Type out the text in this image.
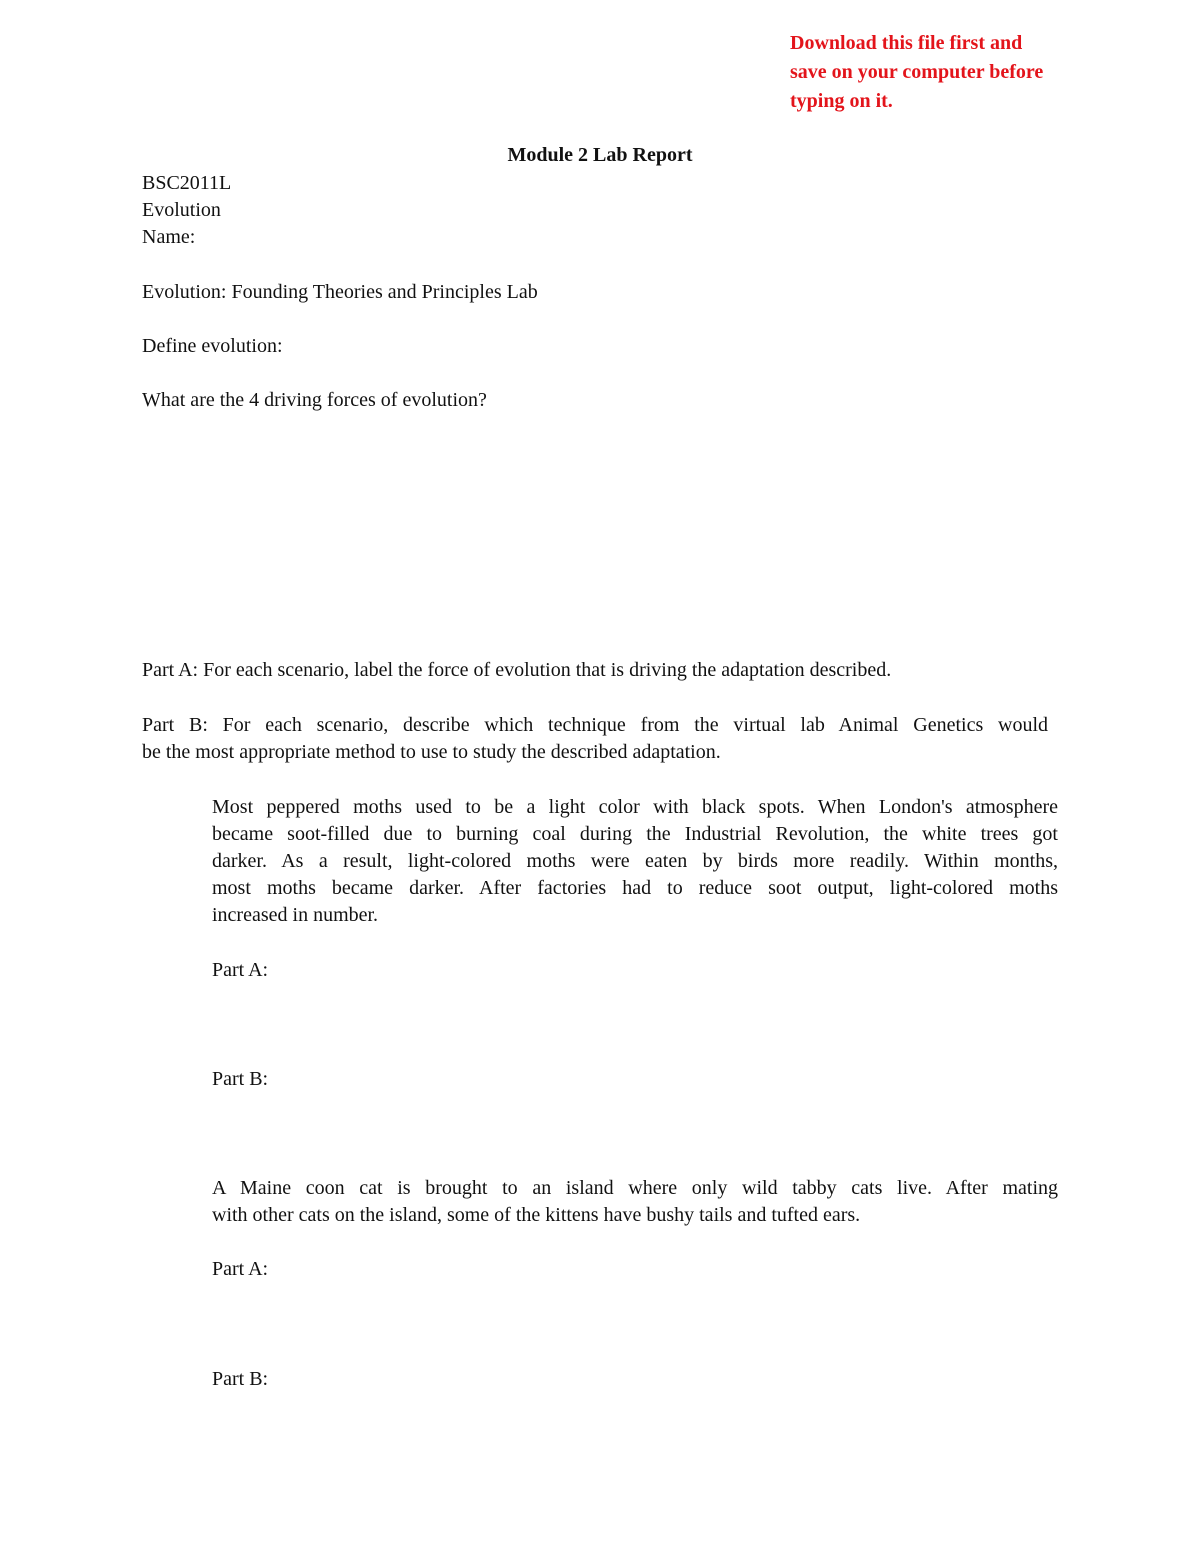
Download this file first and
save on your computer before
typing on it.
Module 2 Lab Report
BSC2011L
Evolution
Name:
Evolution: Founding Theories and Principles Lab
Define evolution:
What are the 4 driving forces of evolution?
Part A: For each scenario, label the force of evolution that is driving the adaptation described.
Part B: For each scenario, describe which technique from the virtual lab Animal Genetics would
be the most appropriate method to use to study the described adaptation.
Most peppered moths used to be a light color with black spots. When London's atmosphere
became soot-filled due to burning coal during the Industrial Revolution, the white trees got
darker. As a result, light-colored moths were eaten by birds more readily. Within months,
most moths became darker. After factories had to reduce soot output, light-colored moths
increased in number.
Part A:
Part B:
A Maine coon cat is brought to an island where only wild tabby cats live. After mating
with other cats on the island, some of the kittens have bushy tails and tufted ears.
Part A:
Part B:
